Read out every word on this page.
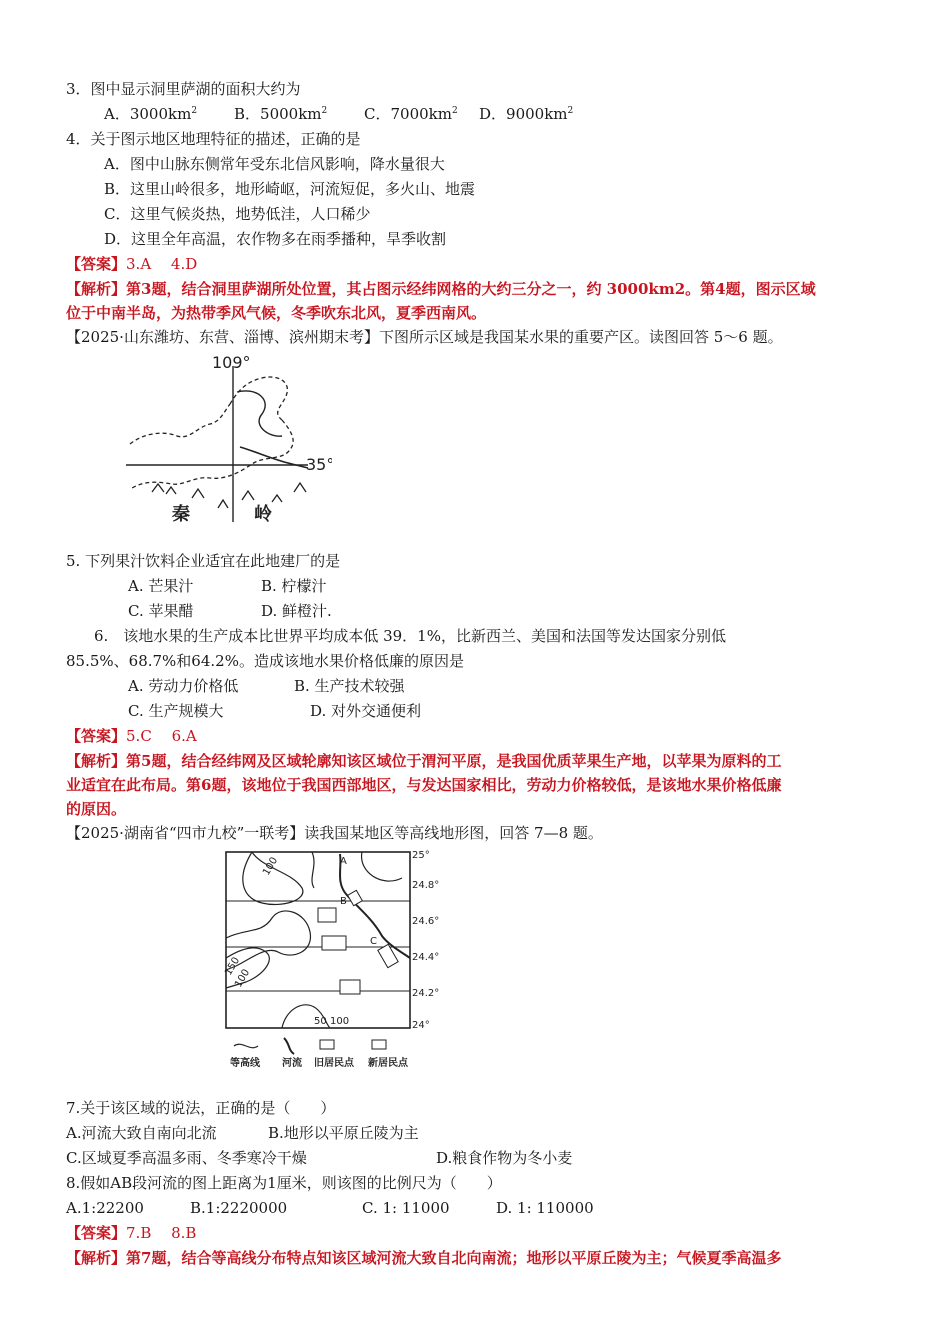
3．图中显示洞里萨湖的面积大约为
A．$3000km^2$ B．$5000km^2$ C．$7000km^2$ D．$9000km^2$
4．关于图示地区地理特征的描述，正确的是
A．图中山脉东侧常年受东北信风影响，降水量很大
B．这里山岭很多，地形崎岖，河流短促，多火山、地震
C．这里气候炎热，地势低洼，人口稀少
D．这里全年高温，农作物多在雨季播种，旱季收割
【答案】3.A　 4.D
【解析】第3题，结合洞里萨湖所处位置，其占图示经纬网格的大约三分之一，约 3000km2。第4题，图示区域
位于中南半岛，为热带季风气候，冬季吹东北风，夏季西南风。
【2025·山东潍坊、东营、淄博、滨州期末考】下图所示区域是我国某水果的重要产区。读图回答 5～6 题。
109°
35°
秦	岭
5. 下列果汁饮料企业适宜在此地建厂的是
A. 芒果汁	B. 柠檬汁
C. 苹果醋	D. 鲜橙汁.
6.　该地水果的生产成本比世界平均成本低 39．1%，比新西兰、美国和法国等发达国家分别低
85.5%、68.7%和64.2%。造成该地水果价格低廉的原因是
A. 劳动力价格低	B. 生产技术较强
C. 生产规模大	D. 对外交通便利
【答案】5.C　 6.A
【解析】第5题，结合经纬网及区域轮廓知该区域位于渭河平原，是我国优质苹果生产地，以苹果为原料的工
业适宜在此布局。第6题，该地位于我国西部地区，与发达国家相比，劳动力价格较低，是该地水果价格低廉
的原因。
【2025·湖南省“四市九校”一联考】读我国某地区等高线地形图，回答 7—8 题。
25°
24.8°
24.6°
24.4°
24.2°
24°
A
B
C
100
150
100
50 100
等高线 河流 旧居民点 新居民点
7.关于该区域的说法，正确的是（　　）
A.河流大致自南向北流	B.地形以平原丘陵为主
C.区域夏季高温多雨、冬季寒冷干燥	D.粮食作物为冬小麦
8.假如AB段河流的图上距离为1厘米，则该图的比例尺为（　　）
A.1:22200	B.1:2220000	C. 1: 11000	D. 1: 110000
【答案】7.B　 8.B
【解析】第7题，结合等高线分布特点知该区域河流大致自北向南流；地形以平原丘陵为主；气候夏季高温多
